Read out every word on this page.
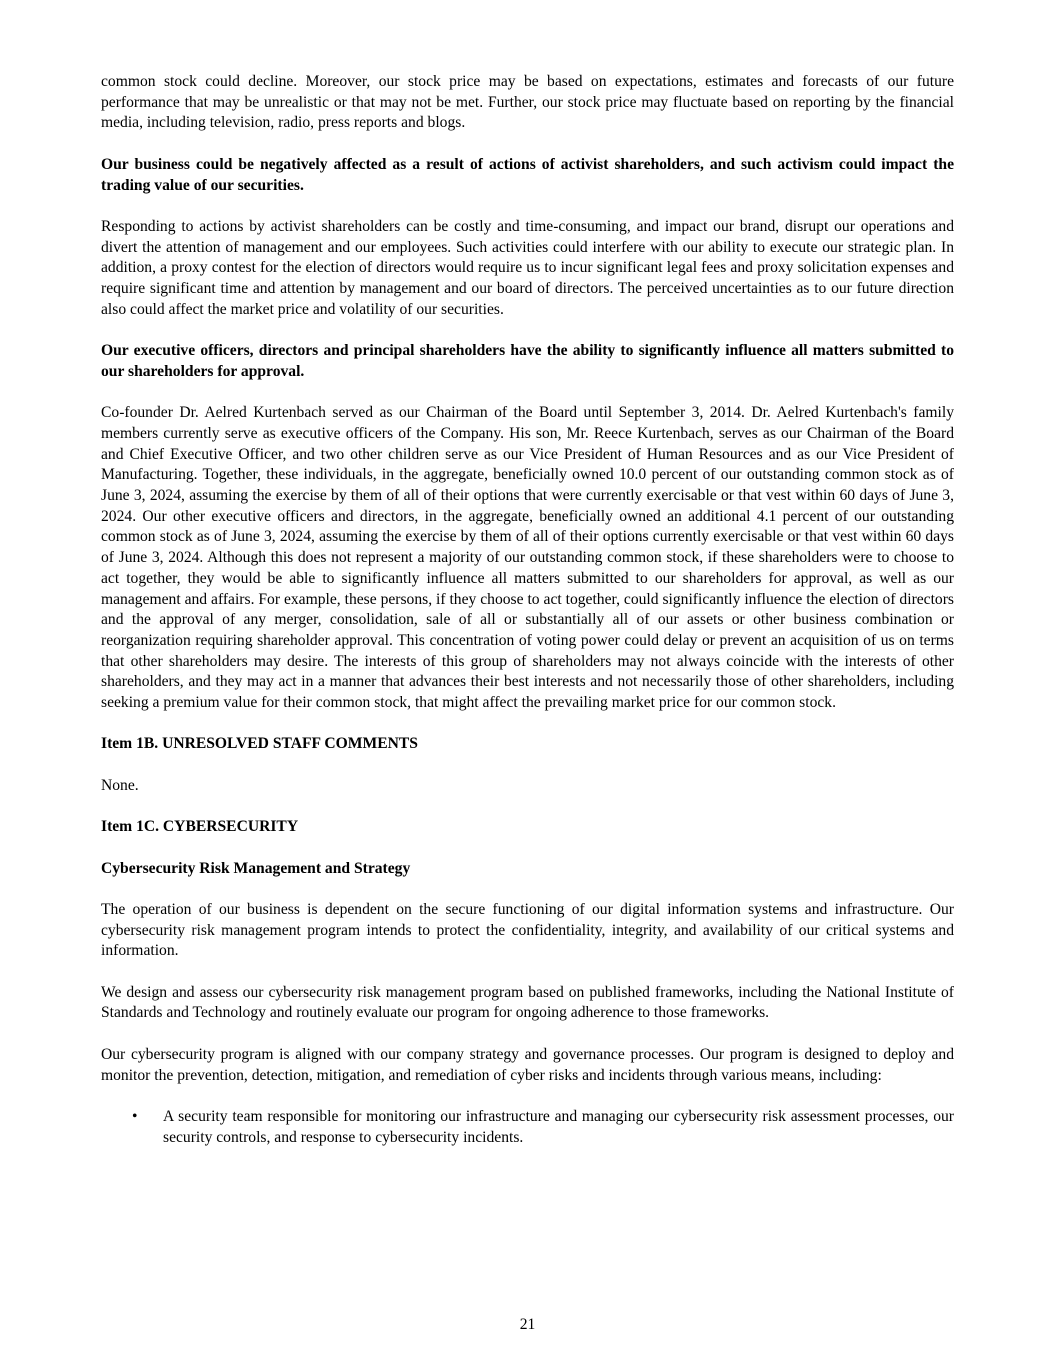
common stock could decline. Moreover, our stock price may be based on expectations, estimates and forecasts of our future performance that may be unrealistic or that may not be met. Further, our stock price may fluctuate based on reporting by the financial media, including television, radio, press reports and blogs.

Our business could be negatively affected as a result of actions of activist shareholders, and such activism could impact the trading value of our securities.

Responding to actions by activist shareholders can be costly and time-consuming, and impact our brand, disrupt our operations and divert the attention of management and our employees. Such activities could interfere with our ability to execute our strategic plan. In addition, a proxy contest for the election of directors would require us to incur significant legal fees and proxy solicitation expenses and require significant time and attention by management and our board of directors. The perceived uncertainties as to our future direction also could affect the market price and volatility of our securities.

Our executive officers, directors and principal shareholders have the ability to significantly influence all matters submitted to our shareholders for approval.

Co-founder Dr. Aelred Kurtenbach served as our Chairman of the Board until September 3, 2014. Dr. Aelred Kurtenbach's family members currently serve as executive officers of the Company. His son, Mr. Reece Kurtenbach, serves as our Chairman of the Board and Chief Executive Officer, and two other children serve as our Vice President of Human Resources and as our Vice President of Manufacturing. Together, these individuals, in the aggregate, beneficially owned 10.0 percent of our outstanding common stock as of June 3, 2024, assuming the exercise by them of all of their options that were currently exercisable or that vest within 60 days of June 3, 2024. Our other executive officers and directors, in the aggregate, beneficially owned an additional 4.1 percent of our outstanding common stock as of June 3, 2024, assuming the exercise by them of all of their options currently exercisable or that vest within 60 days of June 3, 2024. Although this does not represent a majority of our outstanding common stock, if these shareholders were to choose to act together, they would be able to significantly influence all matters submitted to our shareholders for approval, as well as our management and affairs. For example, these persons, if they choose to act together, could significantly influence the election of directors and the approval of any merger, consolidation, sale of all or substantially all of our assets or other business combination or reorganization requiring shareholder approval. This concentration of voting power could delay or prevent an acquisition of us on terms that other shareholders may desire. The interests of this group of shareholders may not always coincide with the interests of other shareholders, and they may act in a manner that advances their best interests and not necessarily those of other shareholders, including seeking a premium value for their common stock, that might affect the prevailing market price for our common stock.

Item 1B. UNRESOLVED STAFF COMMENTS

None.

Item 1C. CYBERSECURITY

Cybersecurity Risk Management and Strategy

The operation of our business is dependent on the secure functioning of our digital information systems and infrastructure. Our cybersecurity risk management program intends to protect the confidentiality, integrity, and availability of our critical systems and information.

We design and assess our cybersecurity risk management program based on published frameworks, including the National Institute of Standards and Technology and routinely evaluate our program for ongoing adherence to those frameworks.

Our cybersecurity program is aligned with our company strategy and governance processes. Our program is designed to deploy and monitor the prevention, detection, mitigation, and remediation of cyber risks and incidents through various means, including:

• A security team responsible for monitoring our infrastructure and managing our cybersecurity risk assessment processes, our security controls, and response to cybersecurity incidents.
21
